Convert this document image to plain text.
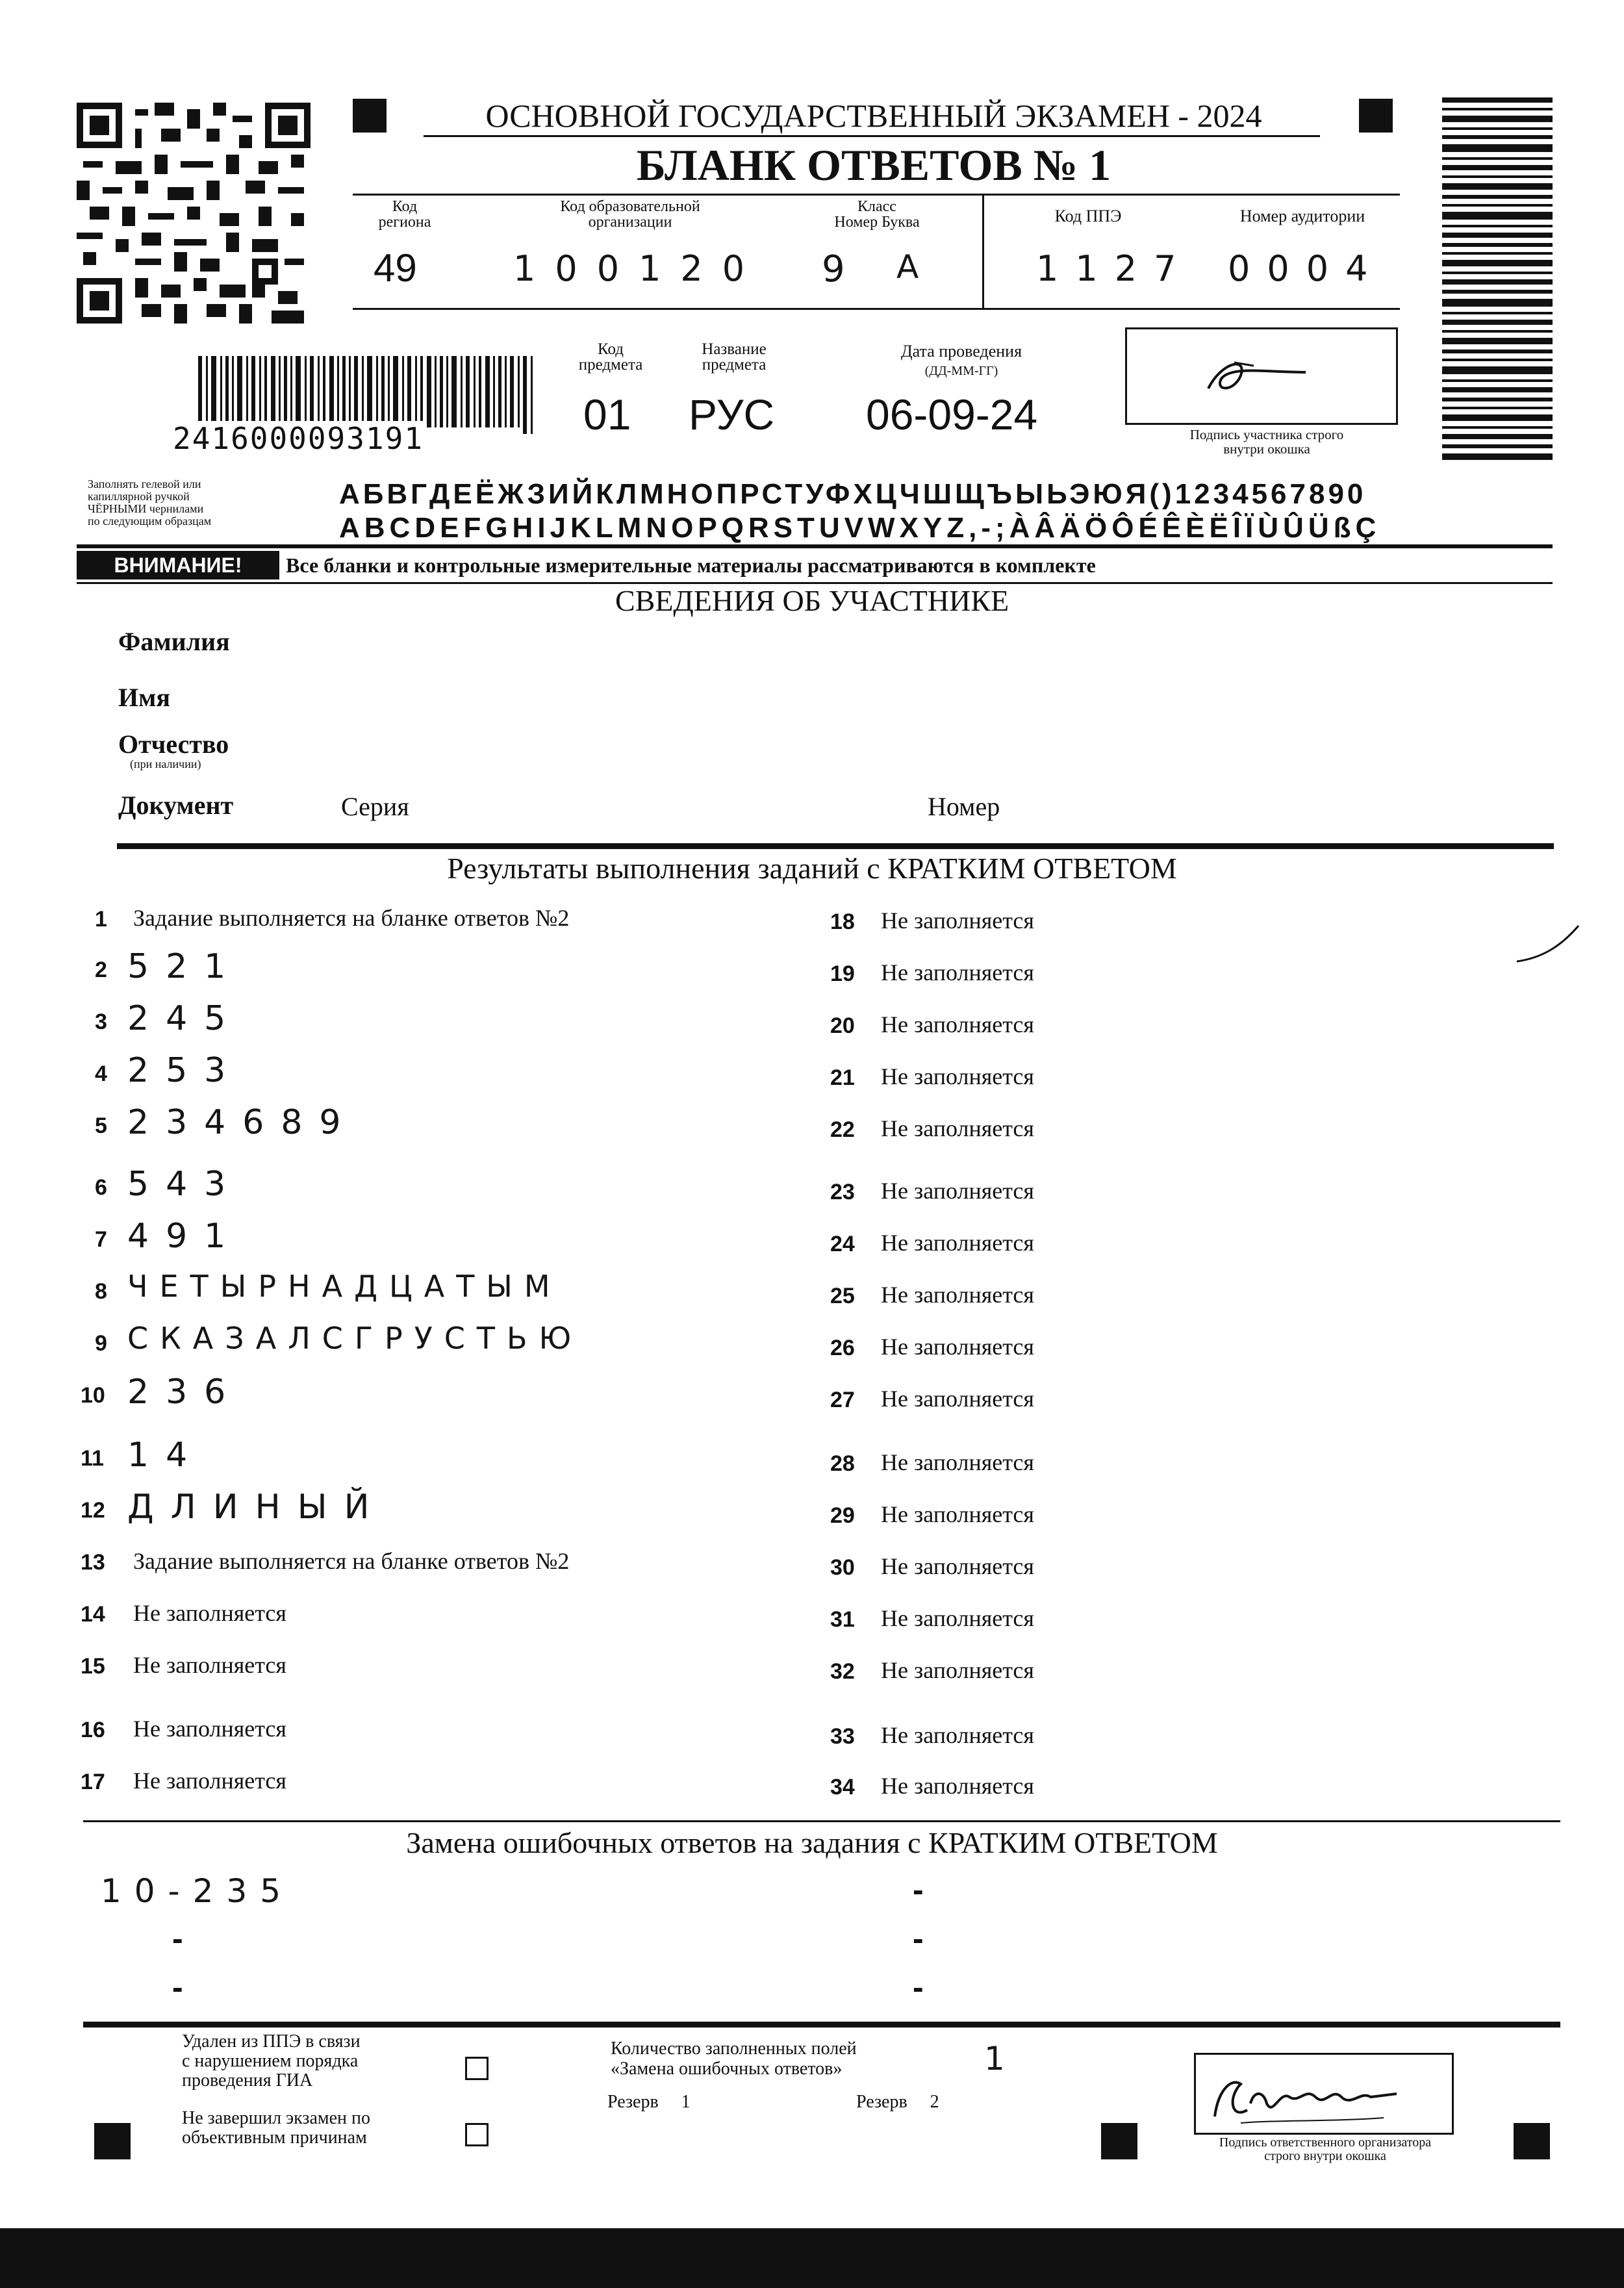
ОСНОВНОЙ ГОСУДАРСТВЕННЫЙ ЭКЗАМЕН - 2024
БЛАНК ОТВЕТОВ № 1
Код
региона
49
Код образовательной
организации
100120
Класс
Номер Буква
9 А
Код ППЭ
1127
Номер аудитории
0004
2416000093191
Код
предмета
01
Название
предмета
РУС
Дата проведения
(ДД-ММ-ГГ)
06-09-24	Подпись участника строго
внутри окошка
Заполнять гелевой или
капиллярной ручкой
ЧЁРНЫМИ чернилами
по следующим образцам
АБВГДЕЁЖЗИЙКЛМНОПРСТУФХЦЧШЩЪЫЬЭЮЯ()1234567890
ABCDEFGHIJKLMNOPQRSTUVWXYZ,-;ÀÂÄÖÔÉÊÈËÎÏÙÛÜßÇ
ВНИМАНИЕ!	Все бланки и контрольные измерительные материалы рассматриваются в комплекте
СВЕДЕНИЯ ОБ УЧАСТНИКЕ
Фамилия
Имя
Отчество
(при наличии)
Документ	Серия	Номер
Результаты выполнения заданий с КРАТКИМ ОТВЕТОМ
1 Задание выполняется на бланке ответов №2
2 521
3 245
4 253
5 234689
6 543
7 491
8 ЧЕТЫРНАДЦАТЫМ
9 СКАЗАЛСГРУСТЬЮ
10 236
11 14
12 ДЛИНЫЙ
13 Задание выполняется на бланке ответов №2
14 Не заполняется
15 Не заполняется
16 Не заполняется
17 Не заполняется
18 Не заполняется
19 Не заполняется
20 Не заполняется
21 Не заполняется
22 Не заполняется
23 Не заполняется
24 Не заполняется
25 Не заполняется
26 Не заполняется
27 Не заполняется
28 Не заполняется
29 Не заполняется
30 Не заполняется
31 Не заполняется
32 Не заполняется
33 Не заполняется
34 Не заполняется
Замена ошибочных ответов на задания с КРАТКИМ ОТВЕТОМ
10-235	-
-	-
-	-
Удален из ППЭ в связи
с нарушением порядка
проведения ГИА
Не завершил экзамен по
объективным причинам
Количество заполненных полей
«Замена ошибочных ответов»	1
Резерв 1	Резерв 2
Подпись ответственного организатора
строго внутри окошка
